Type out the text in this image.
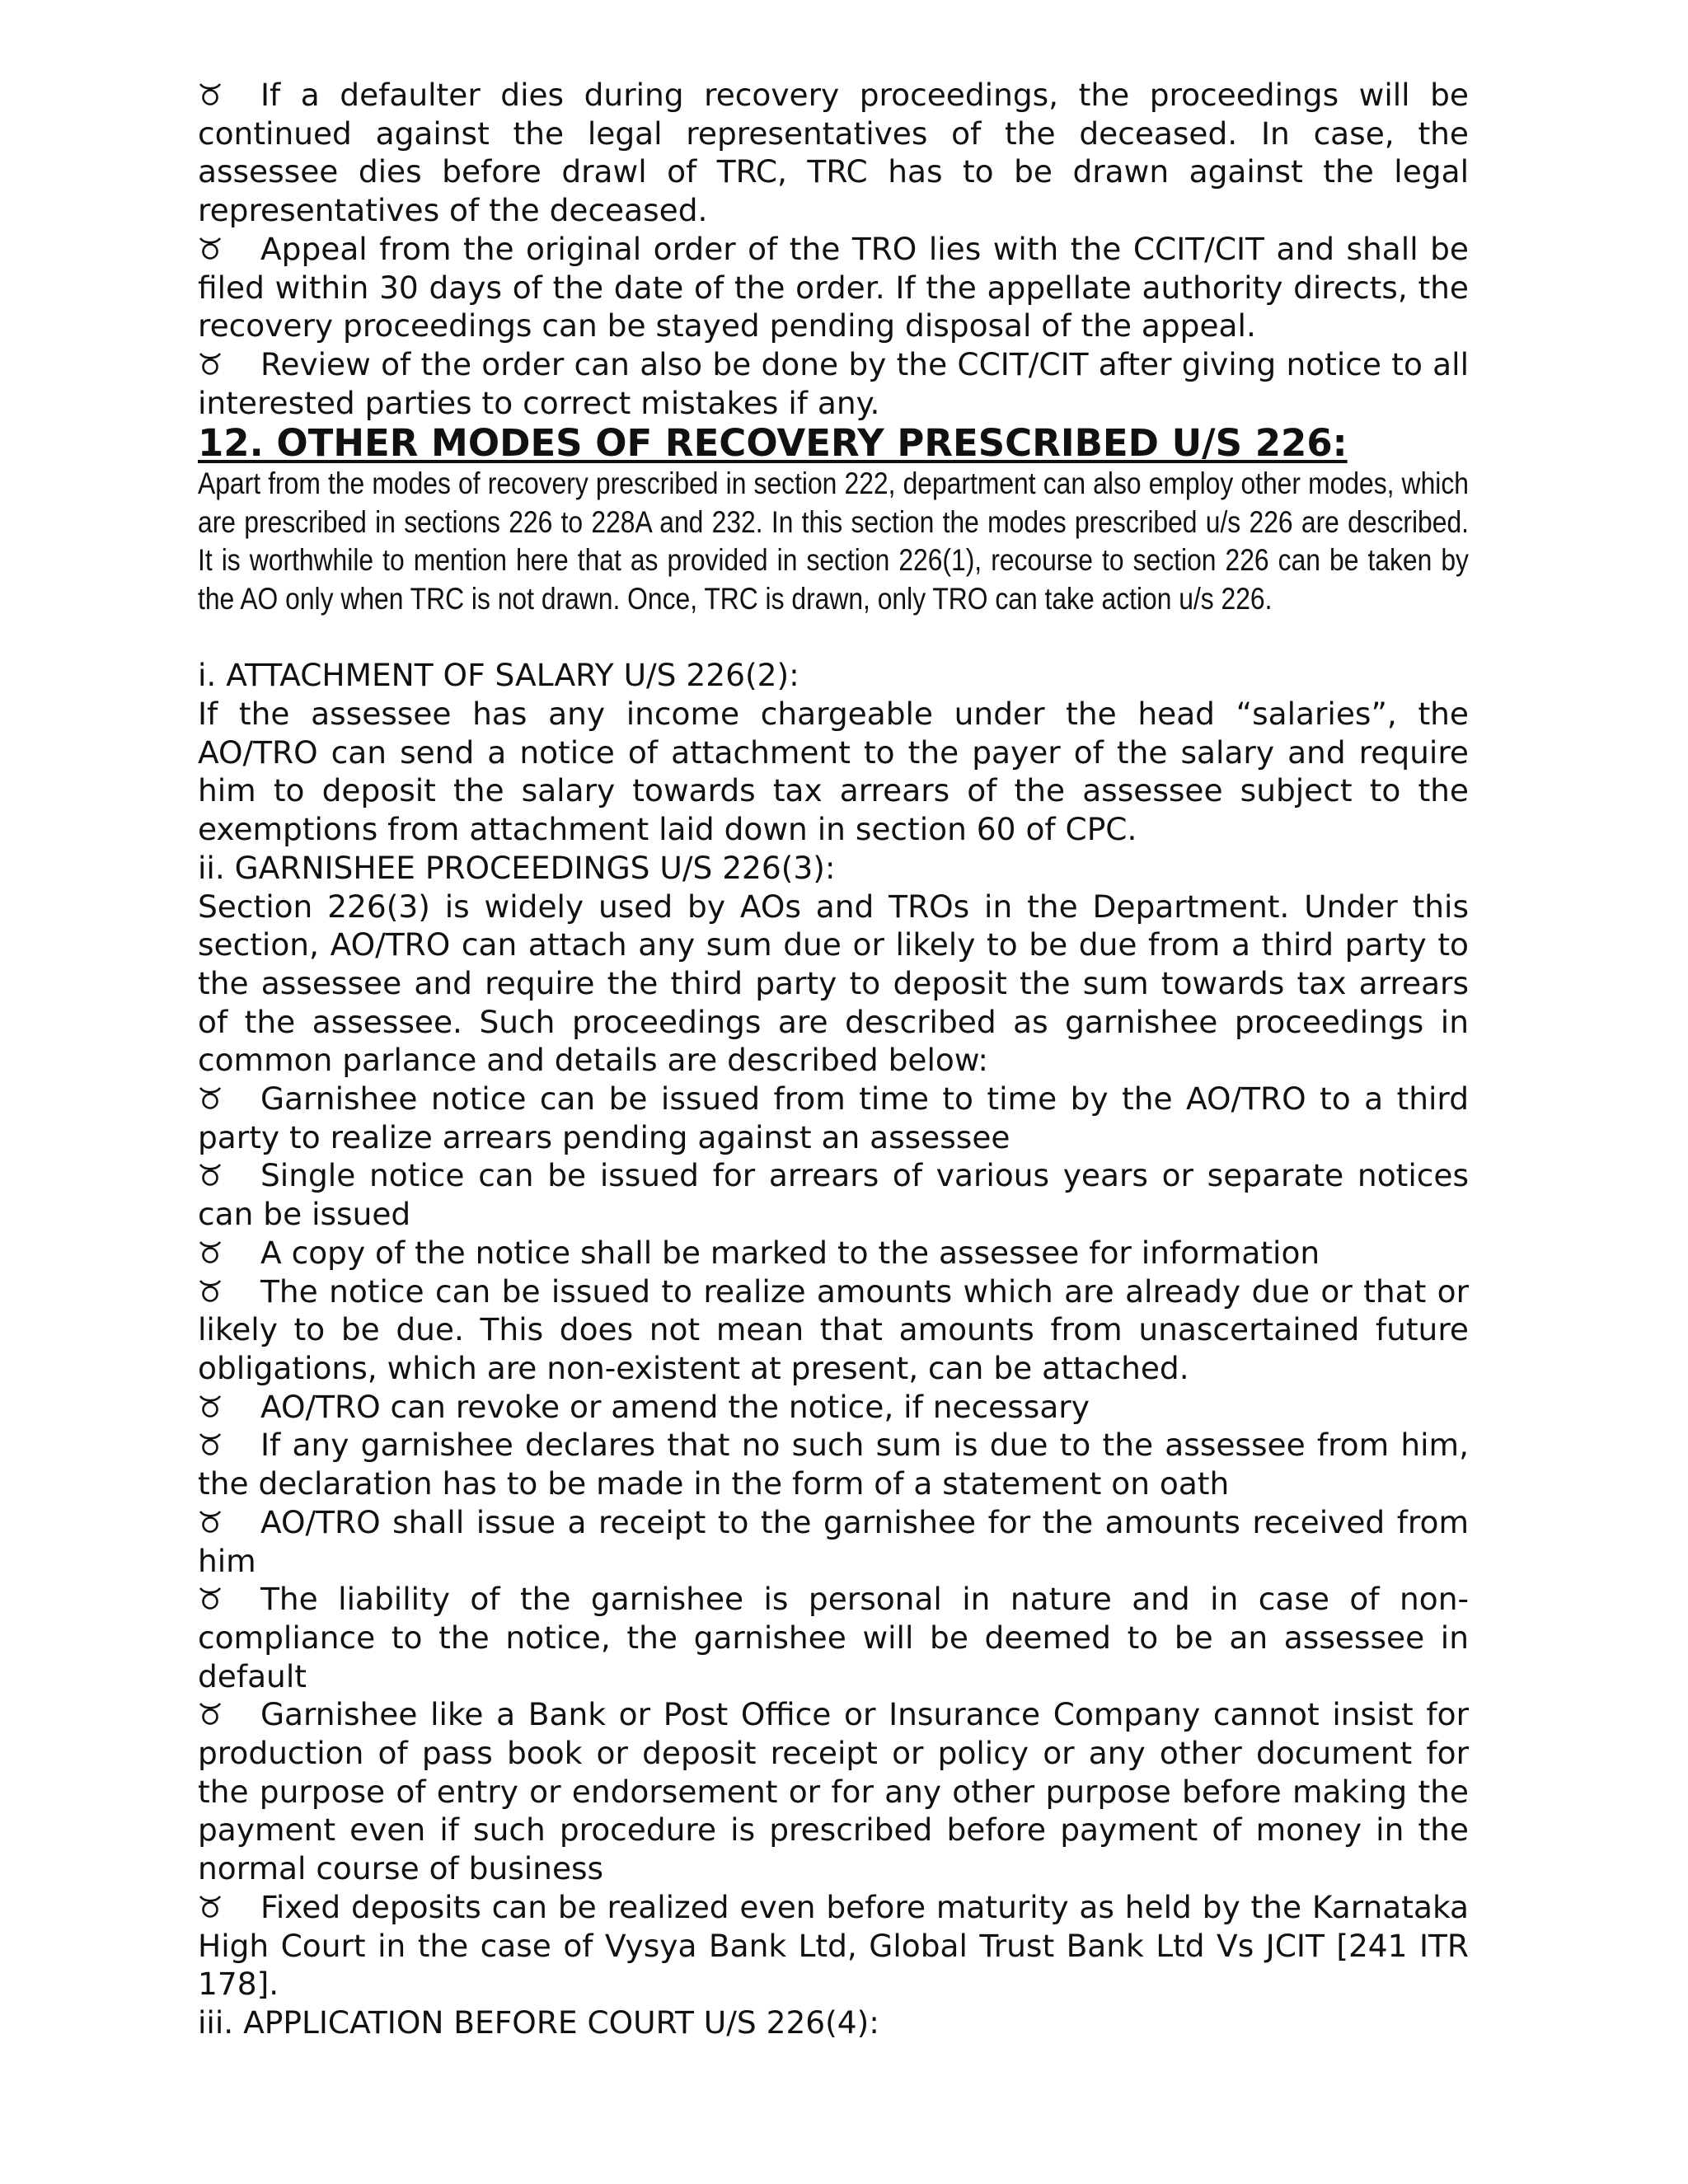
If a defaulter dies during recovery proceedings, the proceedings will be continued against the legal representatives of the deceased. In case, the assessee dies before drawl of TRC, TRC has to be drawn against the legal representatives of the deceased.

Appeal from the original order of the TRO lies with the CCIT/CIT and shall be filed within 30 days of the date of the order. If the appellate authority directs, the recovery proceedings can be stayed pending disposal of the appeal.

Review of the order can also be done by the CCIT/CIT after giving notice to all interested parties to correct mistakes if any.

12. OTHER MODES OF RECOVERY PRESCRIBED U/S 226:

Apart from the modes of recovery prescribed in section 222, department can also employ other modes, which are prescribed in sections 226 to 228A and 232. In this section the modes prescribed u/s 226 are described. It is worthwhile to mention here that as provided in section 226(1), recourse to section 226 can be taken by the AO only when TRC is not drawn. Once, TRC is drawn, only TRO can take action u/s 226.

i. ATTACHMENT OF SALARY U/S 226(2):

If the assessee has any income chargeable under the head “salaries”, the AO/TRO can send a notice of attachment to the payer of the salary and require him to deposit the salary towards tax arrears of the assessee subject to the exemptions from attachment laid down in section 60 of CPC.

ii. GARNISHEE PROCEEDINGS U/S 226(3):

Section 226(3) is widely used by AOs and TROs in the Department. Under this section, AO/TRO can attach any sum due or likely to be due from a third party to the assessee and require the third party to deposit the sum towards tax arrears of the assessee. Such proceedings are described as garnishee proceedings in common parlance and details are described below:

Garnishee notice can be issued from time to time by the AO/TRO to a third party to realize arrears pending against an assessee

Single notice can be issued for arrears of various years or separate notices can be issued

A copy of the notice shall be marked to the assessee for information

The notice can be issued to realize amounts which are already due or that or likely to be due. This does not mean that amounts from unascertained future obligations, which are non-existent at present, can be attached.

AO/TRO can revoke or amend the notice, if necessary

If any garnishee declares that no such sum is due to the assessee from him, the declaration has to be made in the form of a statement on oath

AO/TRO shall issue a receipt to the garnishee for the amounts received from him

The liability of the garnishee is personal in nature and in case of non-compliance to the notice, the garnishee will be deemed to be an assessee in default

Garnishee like a Bank or Post Office or Insurance Company cannot insist for production of pass book or deposit receipt or policy or any other document for the purpose of entry or endorsement or for any other purpose before making the payment even if such procedure is prescribed before payment of money in the normal course of business

Fixed deposits can be realized even before maturity as held by the Karnataka High Court in the case of Vysya Bank Ltd, Global Trust Bank Ltd Vs JCIT [241 ITR 178].

iii. APPLICATION BEFORE COURT U/S 226(4):
